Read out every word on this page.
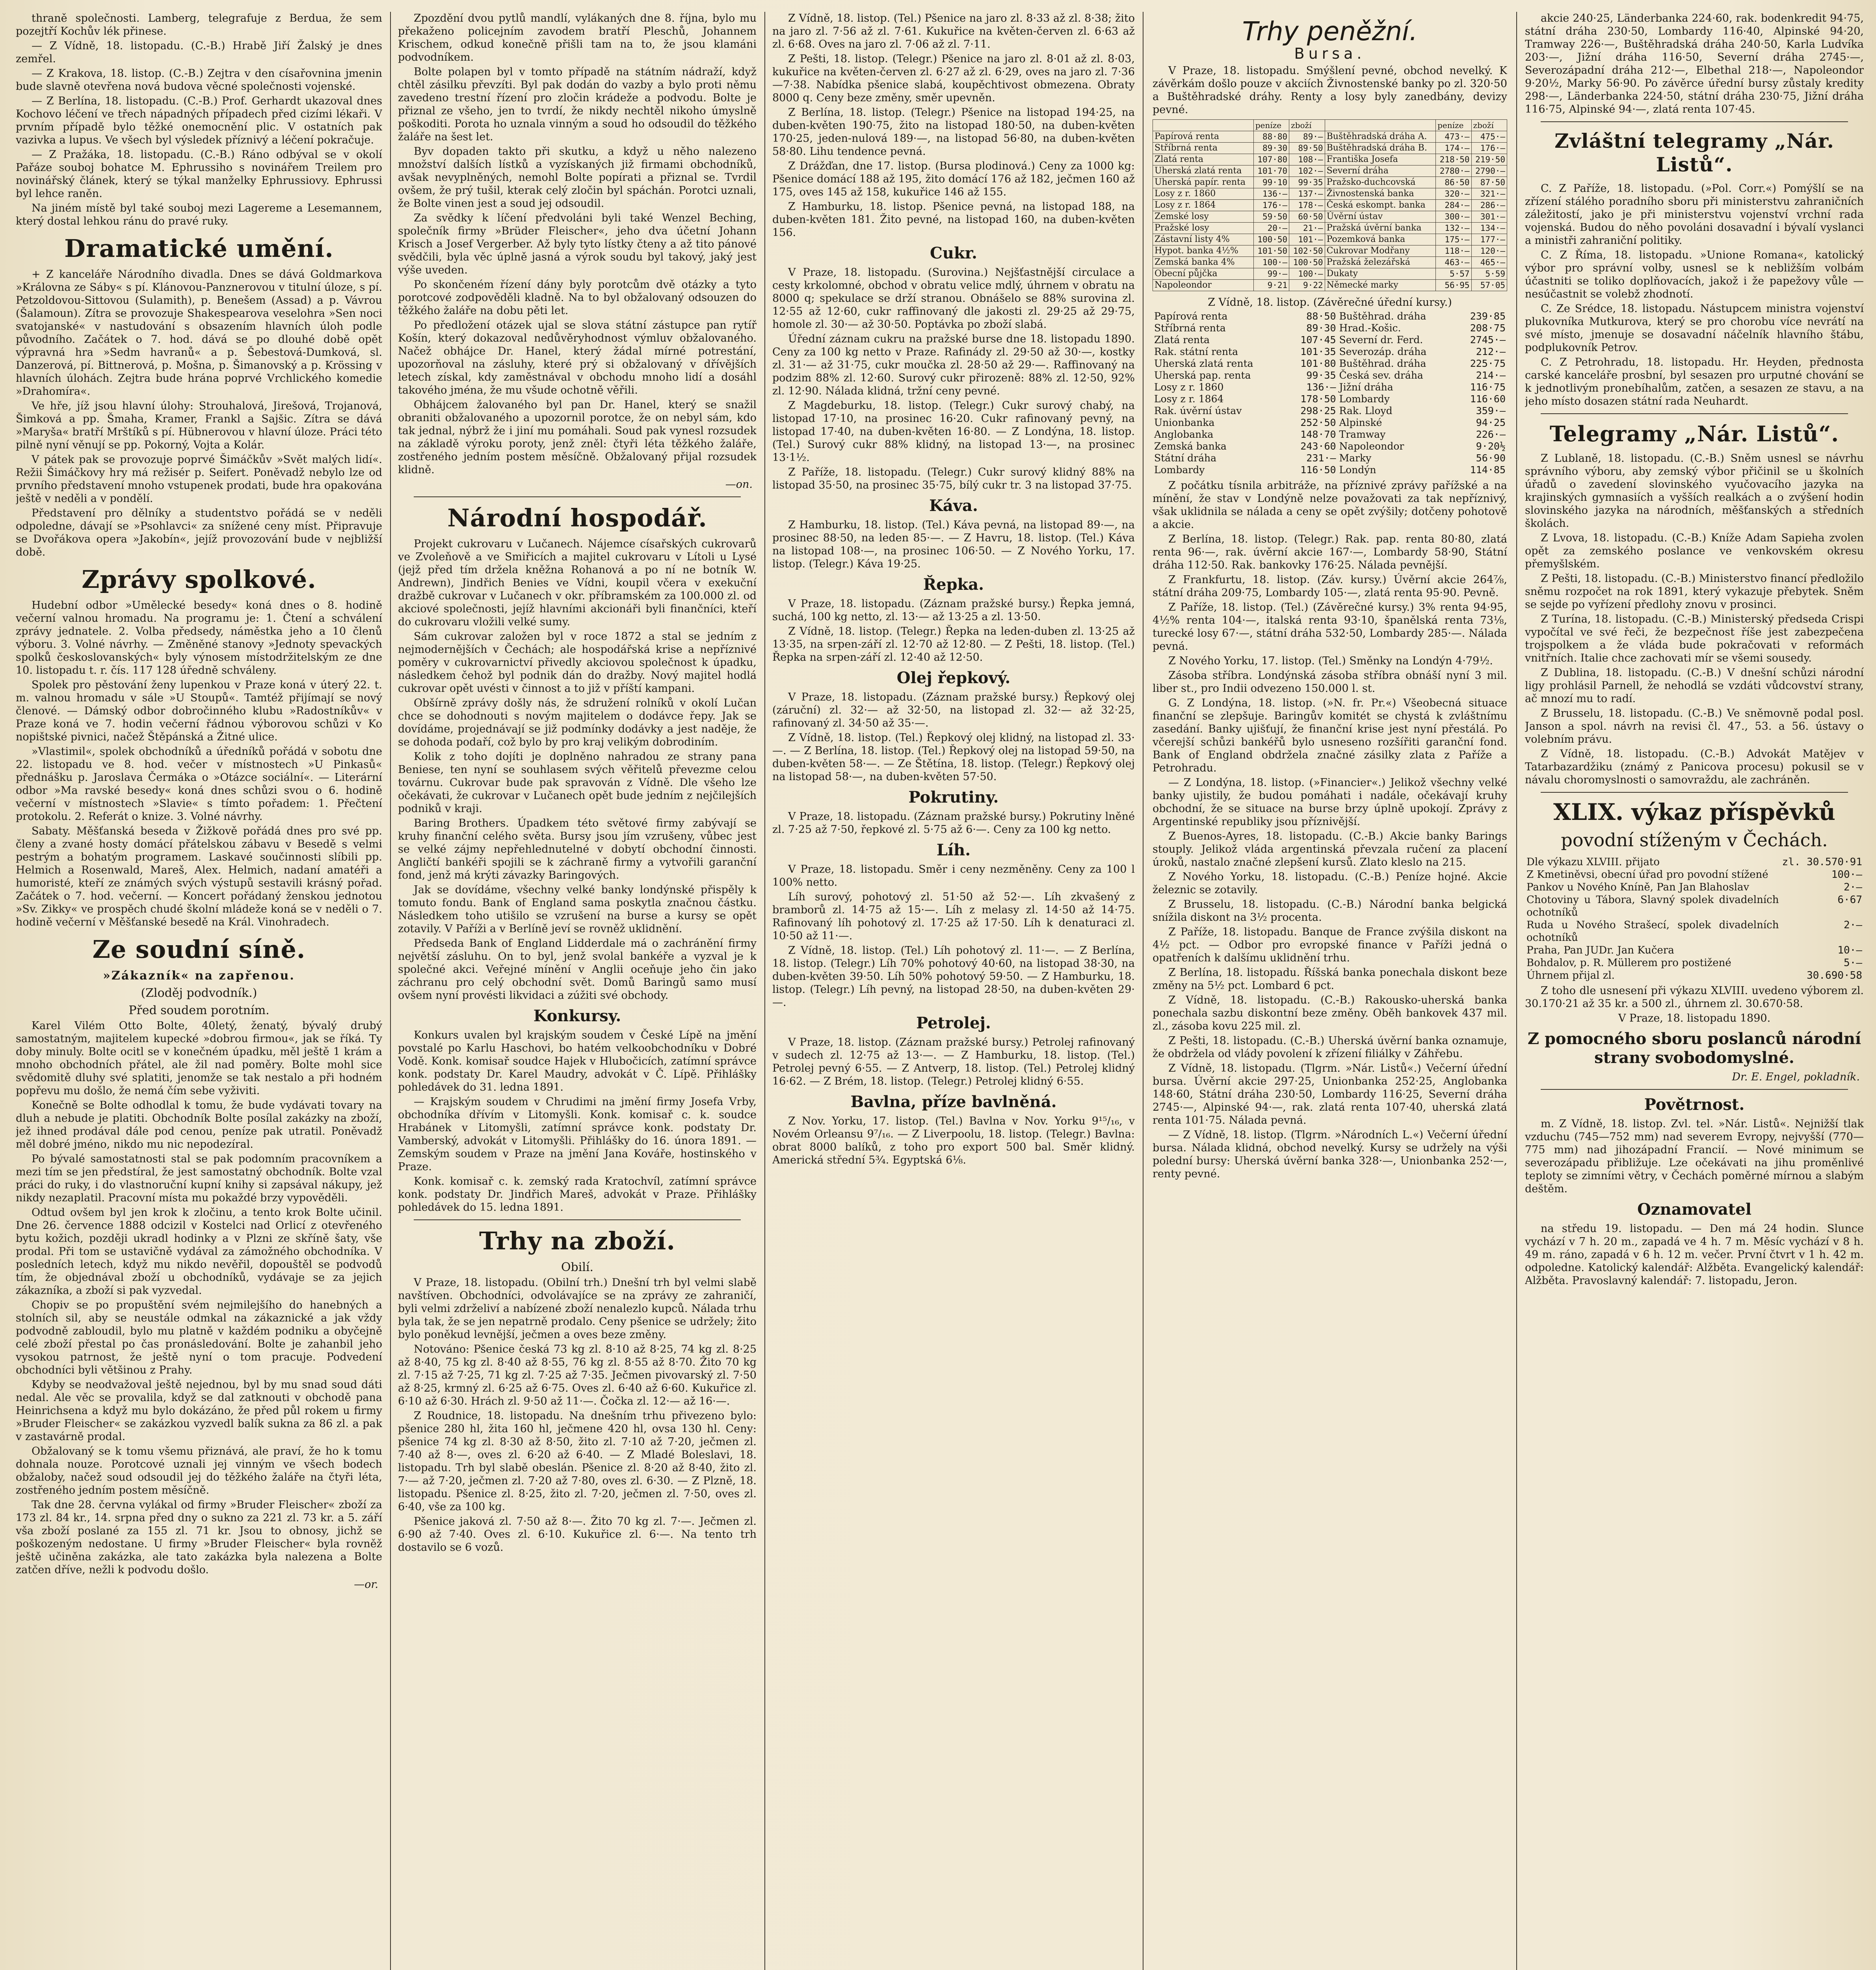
thraně společnosti. Lamberg, telegrafuje z Berdua, že sem pozejtří Kochův lék přinese.

— Z Vídně, 18. listopadu. (C.-B.) Hrabě Jiří Žalský je dnes zemřel.

— Z Krakova, 18. listop. (C.-B.) Zejtra v den císařovnina jmenin bude slavně otevřena nová budova věcné společnosti vojenské.

— Z Berlína, 18. listopadu. (C.-B.) Prof. Gerhardt ukazoval dnes Kochovo léčení ve třech nápadných případech před cizími lékaři. V prvním případě bylo těžké onemocnění plic. V ostatních pak vazivka a lupus. Ve všech byl výsledek příznivý a léčení pokračuje.

— Z Pražáka, 18. listopadu. (C.-B.) Ráno odbýval se v okolí Pařáze souboj bohatce M. Ephrussiho s novinářem Treilem pro novinářský článek, který se týkal manželky Ephrussiovy. Ephrussi byl lehce raněn.

Na jiném místě byl také souboj mezi Lagereme a Lesemannem, který dostal lehkou ránu do pravé ruky.

Dramatické umění.

+ Z kanceláře Národního divadla. Dnes se dává Goldmarkova »Královna ze Sáby« s pí. Klánovou-Panznerovou v titulní úloze, s pí. Petzoldovou-Sittovou (Sulamith), p. Benešem (Assad) a p. Vávrou (Šalamoun). Zítra se provozuje Shakespearova veselohra »Sen noci svatojanské« v nastudování s obsazením hlavních úloh podle původního. Začátek o 7. hod. dává se po dlouhé době opět výpravná hra »Sedm havranů« a p. Šebestová-Dumková, sl. Danzerová, pí. Bittnerová, p. Mošna, p. Šimanovský a p. Krössing v hlavních úlohách. Zejtra bude hrána poprvé Vrchlického komedie »Drahomíra«.

Ve hře, jíž jsou hlavní úlohy: Strouhalová, Jirešová, Trojanová, Šimková a pp. Šmaha, Kramer, Frankl a Sajšic. Zítra se dává »Maryša« bratří Mrštíků s pí. Hübnerovou v hlavní úloze. Práci této pilně nyní věnují se pp. Pokorný, Vojta a Kolár.

V pátek pak se provozuje poprvé Šimáčkův »Svět malých lidí«. Režii Šimáčkovy hry má režisér p. Seifert. Poněvadž nebylo lze od prvního představení mnoho vstupenek prodati, bude hra opakována ještě v neděli a v pondělí.

Představení pro dělníky a studentstvo pořádá se v neděli odpoledne, dávají se »Psohlavci« za snížené ceny míst. Připravuje se Dvořákova opera »Jakobín«, jejíž provozování bude v nejbližší době.

Zprávy spolkové.

Hudební odbor »Umělecké besedy« koná dnes o 8. hodině večerní valnou hromadu. Na programu je: 1. Čtení a schválení zprávy jednatele. 2. Volba předsedy, náměstka jeho a 10 členů výboru. 3. Volné návrhy. — Změněné stanovy »Jednoty spevackých spolků českoslovanských« byly výnosem místodržitelským ze dne 10. listopadu t. r. čís. 117 128 úředně schváleny.

Spolek pro pěstování ženy lupenkou v Praze koná v úterý 22. t. m. valnou hromadu v sále »U Stoupů«. Tamtéž přijímají se nový členové. — Dámský odbor dobročinného klubu »Radostníkův« v Praze koná ve 7. hodin večerní řádnou výborovou schůzi v Ko nopištské pivnici, načež Štěpánská a Žitné ulice.

»Vlastimil«, spolek obchodníků a úředníků pořádá v sobotu dne 22. listopadu ve 8. hod. večer v místnostech »U Pinkasů« přednášku p. Jaroslava Čermáka o »Otázce sociální«. — Literární odbor »Ma ravské besedy« koná dnes schůzi svou o 6. hodině večerní v místnostech »Slavie« s tímto pořadem: 1. Přečtení protokolu. 2. Referát o knize. 3. Volné návrhy.

Sabaty. Měšťanská beseda v Žižkově pořádá dnes pro své pp. členy a zvané hosty domácí přátelskou zábavu v Besedě s velmi pestrým a bohatým programem. Laskavé součinnosti slíbili pp. Helmich a Rosenwald, Mareš, Alex. Helmich, nadaní amatéři a humoristé, kteří ze známých svých výstupů sestavili krásný pořad. Začátek o 7. hod. večerní. — Koncert pořádaný ženskou jednotou »Sv. Zikky« ve prospěch chudé školní mládeže koná se v neděli o 7. hodině večerní v Měšťanské besedě na Král. Vinohradech.

Ze soudní síně.
»Zákazník« na zapřenou.
(Zloděj podvodník.)
Před soudem porotním.

Karel Vilém Otto Bolte, 40letý, ženatý, bývalý drubý samostatným, majitelem kupecké »dobrou firmou«, jak se říká. Ty doby minuly. Bolte ocitl se v konečném úpadku, měl ještě 1 krám a mnoho obchodních přátel, ale žil nad poměry. Bolte mohl sice svědomitě dluhy své splatiti, jenomže se tak nestalo a při hodném popřevu mu došlo, že nemá čím sebe vyživiti.

Konečně se Bolte odhodlal k tomu, že bude vydávati tovary na dluh a nebude je platiti. Obchodník Bolte posílal zakázky na zboží, jež ihned prodával dále pod cenou, peníze pak utratil. Poněvadž měl dobré jméno, nikdo mu nic nepodezíral.

Po bývalé samostatnosti stal se pak podomním pracovníkem a mezi tím se jen předstíral, že jest samostatný obchodník. Bolte vzal práci do ruky, i do vlastnoruční kupní knihy si zapsával nákupy, jež nikdy nezaplatil. Pracovní místa mu pokaždé brzy vypověděli.

Odtud ovšem byl jen krok k zločinu, a tento krok Bolte učinil. Dne 26. července 1888 odcizil v Kostelci nad Orlicí z otevřeného bytu kožich, později ukradl hodinky a v Plzni ze skříně šaty, vše prodal. Při tom se ustavičně vydával za zámožného obchodníka. V posledních letech, když mu nikdo nevěřil, dopouštěl se podvodů tím, že objednával zboží u obchodníků, vydávaje se za jejich zákazníka, a zboží si pak vyzvedal.

Chopiv se po propuštění svém nejmilejšího do hanebných a stolních sil, aby se neustále odmkal na zákaznické a jak vždy podvodně zabloudil, bylo mu platně v každém podniku a obyčejně celé zboží přestal po čas pronásledování. Bolte je zahanbil jeho vysokou patrnost, že ještě nyní o tom pracuje. Podvedení obchodníci byli většinou z Prahy.

Kdyby se neodvažoval ještě nejednou, byl by mu snad soud dáti nedal. Ale věc se provalila, když se dal zatknouti v obchodě pana Heinrichsena a když mu bylo dokázáno, že před půl rokem u firmy »Bruder Fleischer« se zakázkou vyzvedl balík sukna za 86 zl. a pak v zastavárně prodal.

Obžalovaný se k tomu všemu přiznává, ale praví, že ho k tomu dohnala nouze. Porotcové uznali jej vinným ve všech bodech obžaloby, načež soud odsoudil jej do těžkého žaláře na čtyři léta, zostřeného jedním postem měsíčně.

Tak dne 28. června vylákal od firmy »Bruder Fleischer« zboží za 173 zl. 84 kr., 14. srpna před dny o sukno za 221 zl. 73 kr. a 5. září vša zboží poslané za 155 zl. 71 kr. Jsou to obnosy, jichž se poškozeným nedostane. U firmy »Bruder Fleischer« byla rovněž ještě učiněna zakázka, ale tato zakázka byla nalezena a Bolte zatčen dříve, nežli k podvodu došlo.

—or.

Zpozdění dvou pytlů mandlí, vylákaných dne 8. října, bylo mu překaženo policejním zavodem bratří Pleschů, Johannem Krischem, odkud konečně přišli tam na to, že jsou klamáni podvodníkem.

Bolte polapen byl v tomto případě na státním nádraží, když chtěl zásilku převzíti. Byl pak dodán do vazby a bylo proti němu zavedeno trestní řízení pro zločin krádeže a podvodu. Bolte je přiznal ze všeho, jen to tvrdí, že nikdy nechtěl nikoho úmyslně poškoditi. Porota ho uznala vinným a soud ho odsoudil do těžkého žaláře na šest let.

Byv dopaden takto při skutku, a když u něho nalezeno množství dalších lístků a vyzískaných již firmami obchodníků, avšak nevyplněných, nemohl Bolte popírati a přiznal se. Tvrdil ovšem, že prý tušil, kterak celý zločin byl spáchán. Porotci uznali, že Bolte vinen jest a soud jej odsoudil.

Za svědky k líčení předvoláni byli také Wenzel Beching, společník firmy »Brüder Fleischer«, jeho dva účetní Johann Krisch a Josef Vergerber. Až byly tyto lístky čteny a až tito pánové svědčili, byla věc úplně jasná a výrok soudu byl takový, jaký jest výše uveden.

Po skončeném řízení dány byly porotcům dvě otázky a tyto porotcové zodpověděli kladně. Na to byl obžalovaný odsouzen do těžkého žaláře na dobu pěti let.

Po předložení otázek ujal se slova státní zástupce pan rytíř Košín, který dokazoval nedůvěryhodnost výmluv obžalovaného. Načež obhájce Dr. Hanel, který žádal mírné potrestání, upozorňoval na zásluhy, které prý si obžalovaný v dřívějších letech získal, kdy zaměstnával v obchodu mnoho lidí a dosáhl takového jména, že mu všude ochotně věřili.

Obhájcem žalovaného byl pan Dr. Hanel, který se snažil obraniti obžalovaného a upozornil porotce, že on nebyl sám, kdo tak jednal, nýbrž že i jiní mu pomáhali. Soud pak vynesl rozsudek na základě výroku poroty, jenž zněl: čtyři léta těžkého žaláře, zostřeného jedním postem měsíčně. Obžalovaný přijal rozsudek klidně.

—on.
Národní hospodář.

Projekt cukrovaru v Lučanech. Nájemce císařských cukrovarů ve Zvoleňově a ve Smiřicích a majitel cukrovaru v Lítoli u Lysé (jejž před tím držela kněžna Rohanová a po ní ne botník W. Andrewn), Jindřich Benies ve Vídni, koupil včera v exekuční dražbě cukrovar v Lučanech v okr. příbramském za 100.000 zl. od akciové společnosti, jejíž hlavními akcionáři byli finančníci, kteří do cukrovaru vložili velké sumy.

Sám cukrovar založen byl v roce 1872 a stal se jedním z nejmodernějších v Čechách; ale hospodářská krise a nepříznivé poměry v cukrovarnictví přivedly akciovou společnost k úpadku, následkem čehož byl podnik dán do dražby. Nový majitel hodlá cukrovar opět uvésti v činnost a to již v příští kampani.

Obšírně zprávy došly nás, že sdružení rolníků v okolí Lučan chce se dohodnouti s novým majitelem o dodávce řepy. Jak se dovídáme, projednávají se již podmínky dodávky a jest naděje, že se dohoda podaří, což bylo by pro kraj velikým dobrodiním.

Kolik z toho dojíti je doplněno nahradou ze strany pana Beniese, ten nyní se souhlasem svých věřitelů převezme celou továrnu. Cukrovar bude pak spravován z Vídně. Dle všeho lze očekávati, že cukrovar v Lučanech opět bude jedním z nejčilejších podniků v kraji.

Baring Brothers. Úpadkem této světové firmy zabývají se kruhy finanční celého světa. Bursy jsou jím vzrušeny, vůbec jest se velké zájmy nepřehlednutelné v dobytí obchodní činnosti. Angličtí bankéři spojili se k záchraně firmy a vytvořili garanční fond, jenž má krýti závazky Baringových.

Jak se dovídáme, všechny velké banky londýnské přispěly k tomuto fondu. Bank of England sama poskytla značnou částku. Následkem toho utišilo se vzrušení na burse a kursy se opět zotavily. V Paříži a v Berlíně jeví se rovněž uklidnění.

Předseda Bank of England Lidderdale má o zachránění firmy největší zásluhu. On to byl, jenž svolal bankéře a vyzval je k společné akci. Veřejné mínění v Anglii oceňuje jeho čin jako záchranu pro celý obchodní svět. Domů Baringů samo musí ovšem nyní provésti likvidaci a zúžiti své obchody.

Konkursy.

Konkurs uvalen byl krajským soudem v České Lípě na jmění povstalé po Karlu Haschovi, bo hatém velkoobchodníku v Dobré Vodě. Konk. komisař soudce Hajek v Hlubočicích, zatímní správce konk. podstaty Dr. Karel Maudry, advokát v Č. Lípě. Přihlášky pohledávek do 31. ledna 1891.

— Krajským soudem v Chrudimi na jmění firmy Josefa Vrby, obchodníka dřívím v Litomyšli. Konk. komisař c. k. soudce Hrabánek v Litomyšli, zatímní správce konk. podstaty Dr. Vamberský, advokát v Litomyšli. Přihlášky do 16. února 1891. — Zemským soudem v Praze na jmění Jana Kováře, hostinského v Praze.

Konk. komisař c. k. zemský rada Kratochvíl, zatímní správce konk. podstaty Dr. Jindřich Mareš, advokát v Praze. Přihlášky pohledávek do 15. ledna 1891.

Trhy na zboží.
Obilí.

V Praze, 18. listopadu. (Obilní trh.) Dnešní trh byl velmi slabě navštíven. Obchodníci, odvolávajíce se na zprávy ze zahraničí, byli velmi zdrželiví a nabízené zboží nenalezlo kupců. Nálada trhu byla tak, že se jen nepatrně prodalo. Ceny pšenice se udržely; žito bylo poněkud levnější, ječmen a oves beze změny.

Notováno: Pšenice česká 73 kg zl. 8·10 až 8·25, 74 kg zl. 8·25 až 8·40, 75 kg zl. 8·40 až 8·55, 76 kg zl. 8·55 až 8·70. Žito 70 kg zl. 7·15 až 7·25, 71 kg zl. 7·25 až 7·35. Ječmen pivovarský zl. 7·50 až 8·25, krmný zl. 6·25 až 6·75. Oves zl. 6·40 až 6·60. Kukuřice zl. 6·10 až 6·30. Hrách zl. 9·50 až 11·—. Čočka zl. 12·— až 16·—.

Z Roudnice, 18. listopadu. Na dnešním trhu přivezeno bylo: pšenice 280 hl, žita 160 hl, ječmene 420 hl, ovsa 130 hl. Ceny: pšenice 74 kg zl. 8·30 až 8·50, žito zl. 7·10 až 7·20, ječmen zl. 7·40 až 8·—, oves zl. 6·20 až 6·40. — Z Mladé Boleslavi, 18. listopadu. Trh byl slabě obeslán. Pšenice zl. 8·20 až 8·40, žito zl. 7·— až 7·20, ječmen zl. 7·20 až 7·80, oves zl. 6·30. — Z Plzně, 18. listopadu. Pšenice zl. 8·25, žito zl. 7·20, ječmen zl. 7·50, oves zl. 6·40, vše za 100 kg.

Pšenice jaková zl. 7·50 až 8·—. Žito 70 kg zl. 7·—. Ječmen zl. 6·90 až 7·40. Oves zl. 6·10. Kukuřice zl. 6·—. Na tento trh dostavilo se 6 vozů.

Z Vídně, 18. listop. (Tel.) Pšenice na jaro zl. 8·33 až zl. 8·38; žito na jaro zl. 7·56 až zl. 7·61. Kukuřice na květen-červen zl. 6·63 až zl. 6·68. Oves na jaro zl. 7·06 až zl. 7·11.

Z Pešti, 18. listop. (Telegr.) Pšenice na jaro zl. 8·01 až zl. 8·03, kukuřice na květen-červen zl. 6·27 až zl. 6·29, oves na jaro zl. 7·36—7·38. Nabídka pšenice slabá, koupěchtivost obmezena. Obraty 8000 q. Ceny beze změny, směr upevněn.

Z Berlína, 18. listop. (Telegr.) Pšenice na listopad 194·25, na duben-květen 190·75, žito na listopad 180·50, na duben-květen 170·25, jeden-nulová 189·—, na listopad 56·80, na duben-květen 58·80. Lihu tendence pevná.

Z Drážďan, dne 17. listop. (Bursa plodinová.) Ceny za 1000 kg: Pšenice domácí 188 až 195, žito domácí 176 až 182, ječmen 160 až 175, oves 145 až 158, kukuřice 146 až 155.

Z Hamburku, 18. listop. Pšenice pevná, na listopad 188, na duben-květen 181. Žito pevné, na listopad 160, na duben-květen 156.

Cukr.

V Praze, 18. listopadu. (Surovina.) Nejšťastnější circulace a cesty krkolomné, obchod v obratu velice mdlý, úhrnem v obratu na 8000 q; spekulace se drží stranou. Obnášelo se 88% surovina zl. 12·55 až 12·60, cukr raffinovaný dle jakosti zl. 29·25 až 29·75, homole zl. 30·— až 30·50. Poptávka po zboží slabá.

Úřední záznam cukru na pražské burse dne 18. listopadu 1890. Ceny za 100 kg netto v Praze. Rafinády zl. 29·50 až 30·—, kostky zl. 31·— až 31·75, cukr moučka zl. 28·50 až 29·—. Raffinovaný na podzim 88% zl. 12·60. Surový cukr přirozeně: 88% zl. 12·50, 92% zl. 12·90. Nálada klidná, tržní ceny pevné.

Z Magdeburku, 18. listop. (Telegr.) Cukr surový chabý, na listopad 17·10, na prosinec 16·20. Cukr rafinovaný pevný, na listopad 17·40, na duben-květen 16·80. — Z Londýna, 18. listop. (Tel.) Surový cukr 88% klidný, na listopad 13·—, na prosinec 13·1½.

Z Paříže, 18. listopadu. (Telegr.) Cukr surový klidný 88% na listopad 35·50, na prosinec 35·75, bílý cukr tr. 3 na listopad 37·75.

Káva.

Z Hamburku, 18. listop. (Tel.) Káva pevná, na listopad 89·—, na prosinec 88·50, na leden 85·—. — Z Havru, 18. listop. (Tel.) Káva na listopad 108·—, na prosinec 106·50. — Z Nového Yorku, 17. listop. (Telegr.) Káva 19·25.

Řepka.

V Praze, 18. listopadu. (Záznam pražské bursy.) Řepka jemná, suchá, 100 kg netto, zl. 13·— až 13·25 a zl. 13·50.

Z Vídně, 18. listop. (Telegr.) Řepka na leden-duben zl. 13·25 až 13·35, na srpen-září zl. 12·70 až 12·80. — Z Pešti, 18. listop. (Tel.) Řepka na srpen-září zl. 12·40 až 12·50.

Olej řepkový.

V Praze, 18. listopadu. (Záznam pražské bursy.) Řepkový olej (záruční) zl. 32·— až 32·50, na listopad zl. 32·— až 32·25, rafinovaný zl. 34·50 až 35·—.

Z Vídně, 18. listop. (Tel.) Řepkový olej klidný, na listopad zl. 33·—. — Z Berlína, 18. listop. (Tel.) Řepkový olej na listopad 59·50, na duben-květen 58·—. — Ze Štětína, 18. listop. (Telegr.) Řepkový olej na listopad 58·—, na duben-květen 57·50.

Pokrutiny.

V Praze, 18. listopadu. (Záznam pražské bursy.) Pokrutiny lněné zl. 7·25 až 7·50, řepkové zl. 5·75 až 6·—. Ceny za 100 kg netto.

Líh.

V Praze, 18. listopadu. Směr i ceny nezměněny. Ceny za 100 l 100% netto.

Líh surový, pohotový zl. 51·50 až 52·—. Líh zkvašený z bramborů zl. 14·75 až 15·—. Líh z melasy zl. 14·50 až 14·75. Rafinovaný líh pohotový zl. 17·25 až 17·50. Líh k denaturaci zl. 10·50 až 11·—.

Z Vídně, 18. listop. (Tel.) Líh pohotový zl. 11·—. — Z Berlína, 18. listop. (Telegr.) Líh 70% pohotový 40·60, na listopad 38·30, na duben-květen 39·50. Líh 50% pohotový 59·50. — Z Hamburku, 18. listop. (Telegr.) Líh pevný, na listopad 28·50, na duben-květen 29·—.

Petrolej.

V Praze, 18. listop. (Záznam pražské bursy.) Petrolej rafinovaný v sudech zl. 12·75 až 13·—. — Z Hamburku, 18. listop. (Tel.) Petrolej pevný 6·55. — Z Antverp, 18. listop. (Tel.) Petrolej klidný 16·62. — Z Brém, 18. listop. (Telegr.) Petrolej klidný 6·55.

Bavlna, příze bavlněná.

Z Nov. Yorku, 17. listop. (Tel.) Bavlna v Nov. Yorku 9¹⁵/₁₆, v Novém Orleansu 9⁷/₁₆. — Z Liverpoolu, 18. listop. (Telegr.) Bavlna: obrat 8000 balíků, z toho pro export 500 bal. Směr klidný. Americká střední 5¾. Egyptská 6⅛.

Trhy peněžní.
Bursa.

V Praze, 18. listopadu. Smýšlení pevné, obchod nevelký. K závěrkám došlo pouze v akciích Živnostenské banky po zl. 320·50 a Buštěhradské dráhy. Renty a losy byly zanedbány, devizy pevné.

	peníze	zboží		peníze	zboží
Papírová renta	88·80	89·—	Buštěhradská dráha A.	473·—	475·—
Stříbrná renta	89·30	89·50	Buštěhradská dráha B.	174·—	176·—
Zlatá renta	107·80	108·—	Františka Josefa	218·50	219·50
Uherská zlatá renta	101·70	102·—	Severní dráha	2780·—	2790·—
Uherská papír. renta	99·10	99·35	Pražsko-duchcovská	86·50	87·50
Losy z r. 1860	136·—	137·—	Živnostenská banka	320·—	321·—
Losy z r. 1864	176·—	178·—	Česká eskompt. banka	284·—	286·—
Zemské losy	59·50	60·50	Úvěrní ústav	300·—	301·—
Pražské losy	20·—	21·—	Pražská úvěrní banka	132·—	134·—
Zástavní listy 4%	100·50	101·—	Pozemková banka	175·—	177·—
Hypot. banka 4½%	101·50	102·50	Cukrovar Modřany	118·—	120·—
Zemská banka 4%	100·—	100·50	Pražská železářská	463·—	465·—
Obecní půjčka	99·—	100·—	Dukaty	5·57	5·59
Napoleondor	9·21	9·22	Německé marky	56·95	57·05

Z Vídně, 18. listop. (Závěrečné úřední kursy.)

Papírová renta	88·50	Buštěhrad. dráha	239·85
Stříbrná renta	89·30	Hrad.-Košic.	208·75
Zlatá renta	107·45	Severní dr. Ferd.	2745·—
Rak. státní renta	101·35	Severozáp. dráha	212·—
Uherská zlatá renta	101·80	Buštěhrad. dráha	225·75
Uherská pap. renta	99·35	Česká sev. dráha	214·—
Losy z r. 1860	136·—	Jižní dráha	116·75
Losy z r. 1864	178·50	Lombardy	116·60
Rak. úvěrní ústav	298·25	Rak. Lloyd	359·—
Unionbanka	252·50	Alpinské	94·25
Anglobanka	148·70	Tramway	226·—
Zemská banka	243·60	Napoleondor	9·20½
Státní dráha	231·—	Marky	56·90
Lombardy	116·50	Londýn	114·85

Z počátku tísnila arbitráže, na příznivé zprávy pařížské a na mínění, že stav v Londýně nelze považovati za tak nepříznivý, však uklidnila se nálada a ceny se opět zvýšily; dotčeny pohotově a akcie.

Z Berlína, 18. listop. (Telegr.) Rak. pap. renta 80·80, zlatá renta 96·—, rak. úvěrní akcie 167·—, Lombardy 58·90, Státní dráha 112·50. Rak. bankovky 176·25. Nálada pevnější.

Z Frankfurtu, 18. listop. (Záv. kursy.) Úvěrní akcie 264⅞, státní dráha 209·75, Lombardy 105·—, zlatá renta 95·90. Pevně.

Z Paříže, 18. listop. (Tel.) (Závěrečné kursy.) 3% renta 94·95, 4½% renta 104·—, italská renta 93·10, španělská renta 73⅛, turecké losy 67·—, státní dráha 532·50, Lombardy 285·—. Nálada pevná.

Z Nového Yorku, 17. listop. (Tel.) Směnky na Londýn 4·79½.

Zásoba stříbra. Londýnská zásoba stříbra obnáší nyní 3 mil. liber st., pro Indii odvezeno 150.000 l. st.

G. Z Londýna, 18. listop. (»N. fr. Pr.«) Všeobecná situace finanční se zlepšuje. Baringův komitét se chystá k zvláštnímu zasedání. Banky ujišťují, že finanční krise jest nyní přestálá. Po včerejší schůzi bankéřů bylo usneseno rozšířiti garanční fond. Bank of England obdržela značné zásilky zlata z Paříže a Petrohradu.

— Z Londýna, 18. listop. (»Financier«.) Jelikož všechny velké banky ujistily, že budou pomáhati i nadále, očekávají kruhy obchodní, že se situace na burse brzy úplně upokojí. Zprávy z Argentinské republiky jsou příznivější.

Z Buenos-Ayres, 18. listopadu. (C.-B.) Akcie banky Barings stouply. Jelikož vláda argentinská převzala ručení za placení úroků, nastalo značné zlepšení kursů. Zlato kleslo na 215.

Z Nového Yorku, 18. listopadu. (C.-B.) Peníze hojné. Akcie železnic se zotavily.

Z Brusselu, 18. listopadu. (C.-B.) Národní banka belgická snížila diskont na 3½ procenta.

Z Paříže, 18. listopadu. Banque de France zvýšila diskont na 4½ pct. — Odbor pro evropské finance v Paříži jedná o opatřeních k dalšímu uklidnění trhu.

Z Berlína, 18. listopadu. Říšská banka ponechala diskont beze změny na 5½ pct. Lombard 6 pct.

Z Vídně, 18. listopadu. (C.-B.) Rakousko-uherská banka ponechala sazbu diskontní beze změny. Oběh bankovek 437 mil. zl., zásoba kovu 225 mil. zl.

Z Pešti, 18. listopadu. (C.-B.) Uherská úvěrní banka oznamuje, že obdržela od vlády povolení k zřízení filiálky v Záhřebu.

Z Vídně, 18. listopadu. (Tlgrm. »Nár. Listů«.) Večerní úřední bursa. Úvěrní akcie 297·25, Unionbanka 252·25, Anglobanka 148·60, Státní dráha 230·50, Lombardy 116·25, Severní dráha 2745·—, Alpinské 94·—, rak. zlatá renta 107·40, uherská zlatá renta 101·75. Nálada pevná.

— Z Vídně, 18. listop. (Tlgrm. »Národních L.«) Večerní úřední bursa. Nálada klidná, obchod nevelký. Kursy se udržely na výši polední bursy: Uherská úvěrní banka 328·—, Unionbanka 252·—, renty pevné.

akcie 240·25, Länderbanka 224·60, rak. bodenkredit 94·75, státní dráha 230·50, Lombardy 116·40, Alpinské 94·20, Tramway 226·—, Buštěhradská dráha 240·50, Karla Ludvíka 203·—, Jižní dráha 116·50, Severní dráha 2745·—, Severozápadní dráha 212·—, Elbethal 218·—, Napoleondor 9·20½, Marky 56·90. Po závěrce úřední bursy zůstaly kredity 298·—, Länderbanka 224·50, státní dráha 230·75, Jižní dráha 116·75, Alpinské 94·—, zlatá renta 107·45.

Zvláštní telegramy „Nár. Listů“.

C. Z Paříže, 18. listopadu. (»Pol. Corr.«) Pomýšlí se na zřízení stálého poradního sboru při ministerstvu zahraničních záležitostí, jako je při ministerstvu vojenství vrchní rada vojenská. Budou do něho povoláni dosavadní i bývalí vyslanci a ministři zahraniční politiky.

C. Z Říma, 18. listopadu. »Unione Romana«, katolický výbor pro správní volby, usnesl se k nebližším volbám účastniti se toliko doplňovacích, jakož i že papežovy vůle — nesúčastnit se volebž zhodnotí.

C. Ze Srédce, 18. listopadu. Nástupcem ministra vojenství plukovníka Mutkurova, který se pro chorobu více nevrátí na své místo, jmenuje se dosavadní náčelník hlavního štábu, podplukovník Petrov.

C. Z Petrohradu, 18. listopadu. Hr. Heyden, přednosta carské kanceláře prosbní, byl sesazen pro urputné chování se k jednotlivým pronebíhalům, zatčen, a sesazen ze stavu, a na jeho místo dosazen státní rada Neuhardt.

Telegramy „Nár. Listů“.

Z Lublaně, 18. listopadu. (C.-B.) Sněm usnesl se návrhu správního výboru, aby zemský výbor přičinil se u školních úřadů o zavedení slovinského vyučovacího jazyka na krajinských gymnasiích a vyšších realkách a o zvýšení hodin slovinského jazyka na národních, měšťanských a středních školách.

Z Lvova, 18. listopadu. (C.-B.) Kníže Adam Sapieha zvolen opět za zemského poslance ve venkovském okresu přemyšlském.

Z Pešti, 18. listopadu. (C.-B.) Ministerstvo financí předložilo sněmu rozpočet na rok 1891, který vykazuje přebytek. Sněm se sejde po vyřízení předlohy znovu v prosinci.

Z Turína, 18. listopadu. (C.-B.) Ministerský předseda Crispi vypočítal ve své řeči, že bezpečnost říše jest zabezpečena trojspolkem a že vláda bude pokračovati v reformách vnitřních. Italie chce zachovati mír se všemi sousedy.

Z Dublina, 18. listopadu. (C.-B.) V dnešní schůzi národní ligy prohlásil Parnell, že nehodlá se vzdáti vůdcovství strany, ač mnozí mu to radí.

Z Brusselu, 18. listopadu. (C.-B.) Ve sněmovně podal posl. Janson a spol. návrh na revisi čl. 47., 53. a 56. ústavy o volebním právu.

Z Vídně, 18. listopadu. (C.-B.) Advokát Matějev v Tatarbazardžiku (známý z Panicova procesu) pokusil se v návalu choromyslnosti o samovraždu, ale zachráněn.

XLIX. výkaz příspěvků
povodní stíženým v Čechách.
Dle výkazu XLVIII. přijato	zl. 30.570·91
Z Kmetiněvsi, obecní úřad pro povodní stížené	100·—
Pankov u Nového Kníně, Pan Jan Blahoslav	2·—
Chotoviny u Tábora, Slavný spolek divadelních ochotníků	6·67
Ruda u Nového Strašecí, spolek divadelních ochotníků	2·—
Praha, Pan JUDr. Jan Kučera	10·—
Bohdalov, p. R. Müllerem pro postižené	5·—
Úhrnem přijal zl.	30.690·58

Z toho dle usnesení při výkazu XLVIII. uvedeno výborem zl. 30.170·21 až 35 kr. a 500 zl., úhrnem zl. 30.670·58.

V Praze, 18. listopadu 1890.

Z pomocného sboru poslanců národní strany svobodomyslné.
Dr. E. Engel, pokladník.
Povětrnost.

m. Z Vídně, 18. listop. Zvl. tel. »Nár. Listů«. Nejnižší tlak vzduchu (745—752 mm) nad severem Evropy, nejvyšší (770—775 mm) nad jihozápadní Francií. — Nové minimum se severozápadu přibližuje. Lze očekávati na jihu proměnlivé teploty se zimními větry, v Čechách poměrné mírnou a slabým deštěm.

Oznamovatel

na středu 19. listopadu. — Den má 24 hodin. Slunce vychází v 7 h. 20 m., zapadá ve 4 h. 7 m. Měsíc vychází v 8 h. 49 m. ráno, zapadá v 6 h. 12 m. večer. První čtvrt v 1 h. 42 m. odpoledne. Katolický kalendář: Alžběta. Evangelický kalendář: Alžběta. Pravoslavný kalendář: 7. listopadu, Jeron.
